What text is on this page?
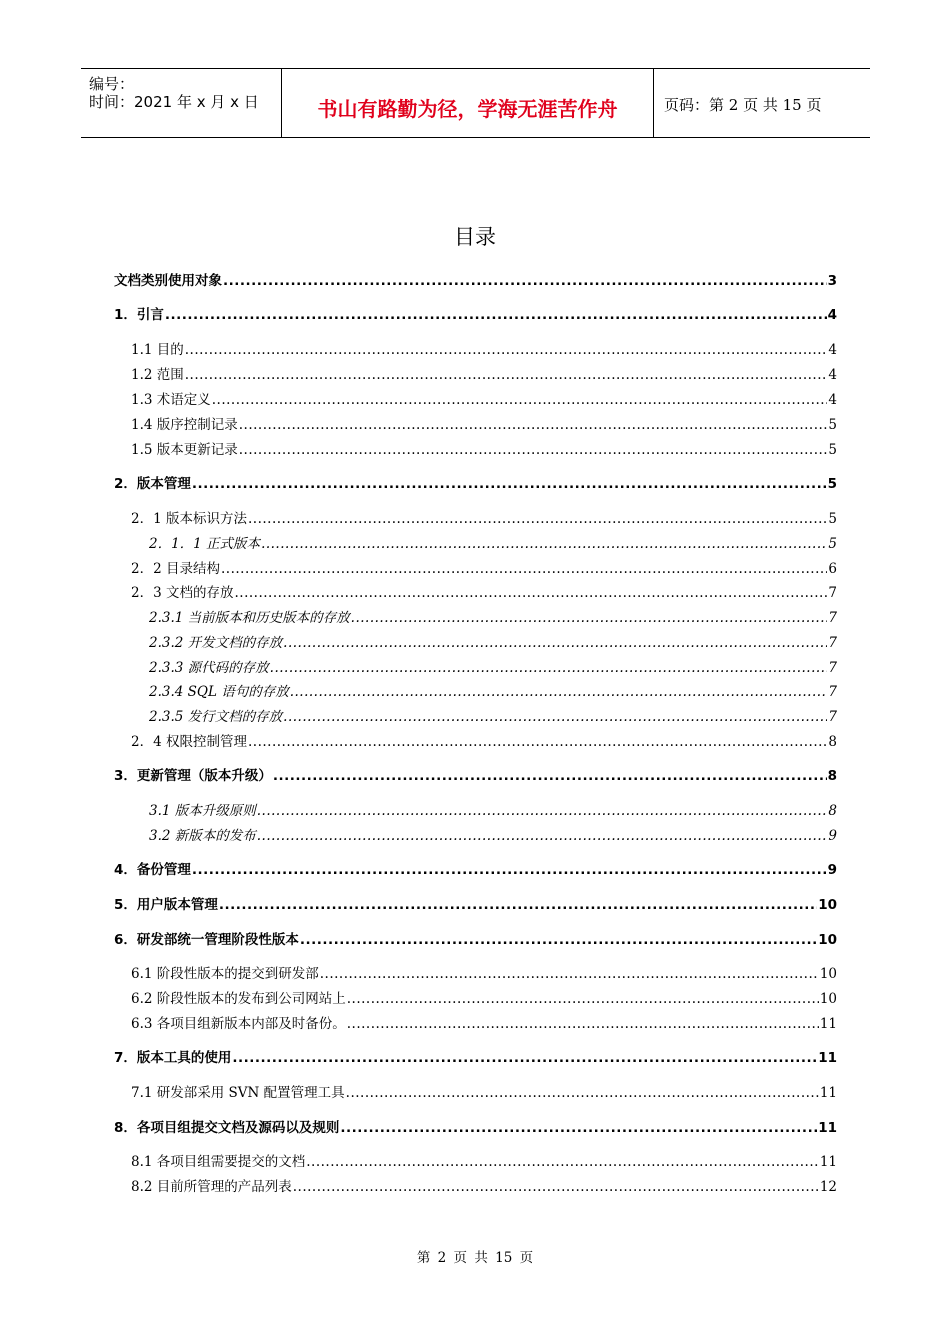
编号：
时间：2021 年 x 月 x 日	书山有路勤为径，学海无涯苦作舟	页码：第 2 页 共 15 页
目录
文档类别使用对象 .....	3
1．引言 .....	4
1.1 目的 .....	4
1.2 范围 .....	4
1.3 术语定义 .....	4
1.4 版序控制记录 .....	5
1.5 版本更新记录 .....	5
2．版本管理 .....	5
2．1 版本标识方法 .....	5
2．1．1 正式版本 .....	5
2．2 目录结构 .....	6
2．3 文档的存放 .....	7
2.3.1 当前版本和历史版本的存放 .....	7
2.3.2 开发文档的存放 .....	7
2.3.3 源代码的存放 .....	7
2.3.4 SQL 语句的存放 .....	7
2.3.5 发行文档的存放 .....	7
2．4 权限控制管理 .....	8
3．更新管理（版本升级） .....	8
3.1 版本升级原则 .....	8
3.2 新版本的发布 .....	9
4．备份管理 .....	9
5．用户版本管理 .....	10
6．研发部统一管理阶段性版本 .....	10
6.1 阶段性版本的提交到研发部 .....	10
6.2 阶段性版本的发布到公司网站上 .....	10
6.3 各项目组新版本内部及时备份。 .....	11
7．版本工具的使用 .....	11
7.1 研发部采用 SVN 配置管理工具 .....	11
8．各项目组提交文档及源码以及规则 .....	11
8.1 各项目组需要提交的文档 .....	11
8.2 目前所管理的产品列表 .....	12
第 2 页 共 15 页
